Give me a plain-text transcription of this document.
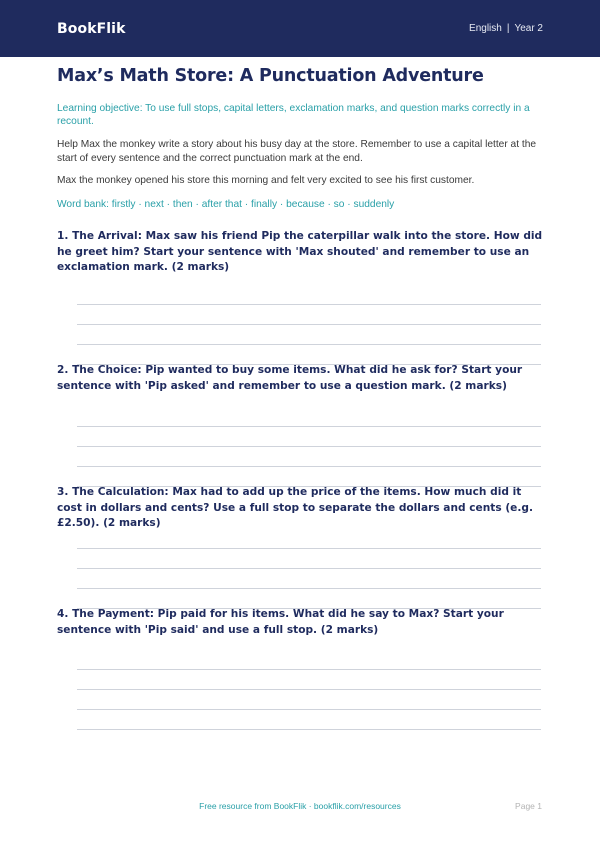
BookFlik	English | Year 2
Max’s Math Store: A Punctuation Adventure

Learning objective: To use full stops, capital letters, exclamation marks, and question marks correctly in a recount.

Help Max the monkey write a story about his busy day at the store. Remember to use a capital letter at the start of every sentence and the correct punctuation mark at the end.

Max the monkey opened his store this morning and felt very excited to see his first customer.

Word bank: firstly · next · then · after that · finally · because · so · suddenly

1. The Arrival: Max saw his friend Pip the caterpillar walk into the store. How did he greet him? Start your sentence with 'Max shouted' and remember to use an exclamation mark. (2 marks)

2. The Choice: Pip wanted to buy some items. What did he ask for? Start your sentence with 'Pip asked' and remember to use a question mark. (2 marks)

3. The Calculation: Max had to add up the price of the items. How much did it cost in dollars and cents? Use a full stop to separate the dollars and cents (e.g. £2.50). (2 marks)

4. The Payment: Pip paid for his items. What did he say to Max? Start your sentence with 'Pip said' and use a full stop. (2 marks)

Free resource from BookFlik · bookflik.com/resources	Page 1
